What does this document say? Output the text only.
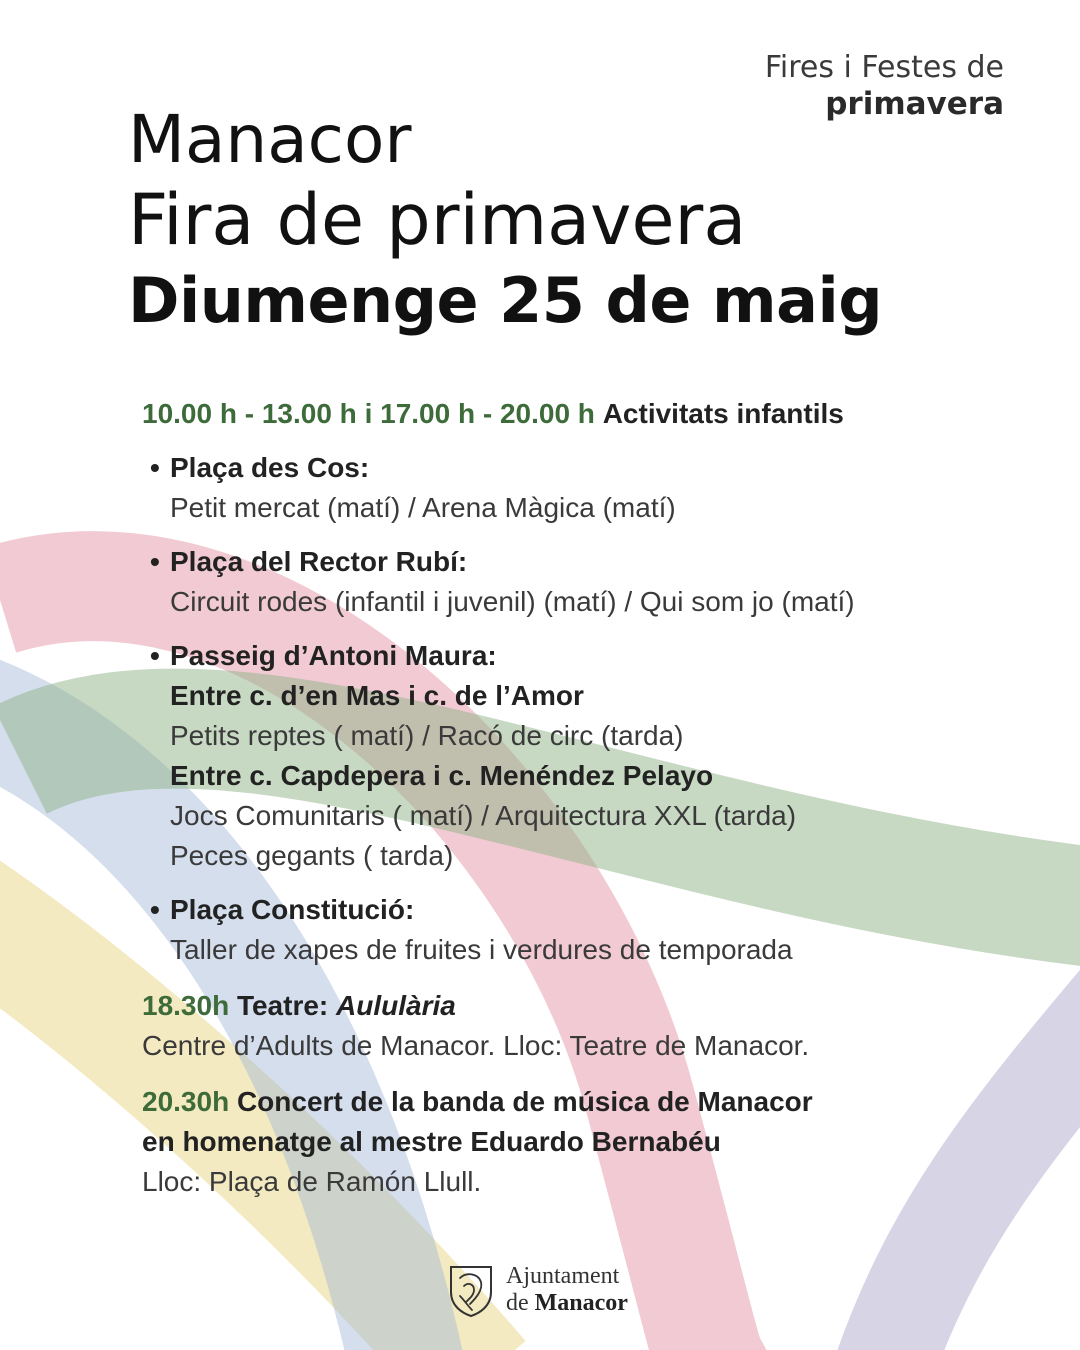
Fires i Festes de
primavera
Manacor
Fira de primavera
Diumenge 25 de maig
10.00 h - 13.00 h i 17.00 h - 20.00 h Activitats infantils
• Plaça des Cos:
Petit mercat (matí) / Arena Màgica (matí)
• Plaça del Rector Rubí:
Circuit rodes (infantil i juvenil) (matí) / Qui som jo (matí)
• Passeig d’Antoni Maura:
Entre c. d’en Mas i c. de l’Amor
Petits reptes ( matí) / Racó de circ (tarda)
Entre c. Capdepera i c. Menéndez Pelayo
Jocs Comunitaris ( matí) / Arquitectura XXL (tarda)
Peces gegants ( tarda)
• Plaça Constitució:
Taller de xapes de fruites i verdures de temporada
18.30h Teatre: Aululària
Centre d’Adults de Manacor. Lloc: Teatre de Manacor.
20.30h Concert de la banda de música de Manacor
en homenatge al mestre Eduardo Bernabéu
Lloc: Plaça de Ramón Llull.
Ajuntament
de Manacor
